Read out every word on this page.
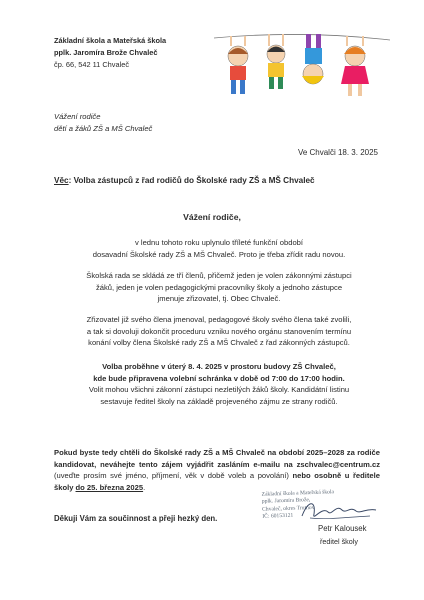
Základní škola a Mateřská škola
pplk. Jaromíra Brože Chvaleč
čp. 66, 542 11 Chvaleč
Vážení rodiče
dětí a žáků ZŠ a MŠ Chvaleč
Ve Chvalči 18. 3. 2025
Věc: Volba zástupců z řad rodičů do Školské rady ZŠ a MŠ Chvaleč
Vážení rodiče,
v lednu tohoto roku uplynulo tříleté funkční období
dosavadní Školské rady ZŠ a MŠ Chvaleč. Proto je třeba zřídit radu novou.
Školská rada se skládá ze tří členů, přičemž jeden je volen zákonnými zástupci
žáků, jeden je volen pedagogickými pracovníky školy a jednoho zástupce
jmenuje zřizovatel, tj. Obec Chvaleč.
Zřizovatel již svého člena jmenoval, pedagogové školy svého člena také zvolili,
a tak si dovoluji dokončit proceduru vzniku nového orgánu stanovením termínu
konání volby člena Školské rady ZŠ a MŠ Chvaleč z řad zákonných zástupců.
Volba proběhne v úterý 8. 4. 2025 v prostoru budovy ZŠ Chvaleč,
kde bude připravena volební schránka v době od 7:00 do 17:00 hodin.
Volit mohou všichni zákonní zástupci nezletilých žáků školy. Kandidátní listinu
sestavuje ředitel školy na základě projeveného zájmu ze strany rodičů.
Pokud byste tedy chtěli do Školské rady ZŠ a MŠ Chvaleč na období 2025–2028 za rodiče kandidovat, neváhejte tento zájem vyjádřit zasláním e-mailu na zschvalec@centrum.cz (uveďte prosím své jméno, příjmení, věk v době voleb a povolání) nebo osobně u ředitele školy do 25. března 2025.
Děkuji Vám za součinnost a přeji hezký den.
Základní škola a Mateřská škola
pplk. Jaromíra Brože,
Chvaleč, okres Trutnov
IČ: 60153121
Petr Kalousek
ředitel školy
